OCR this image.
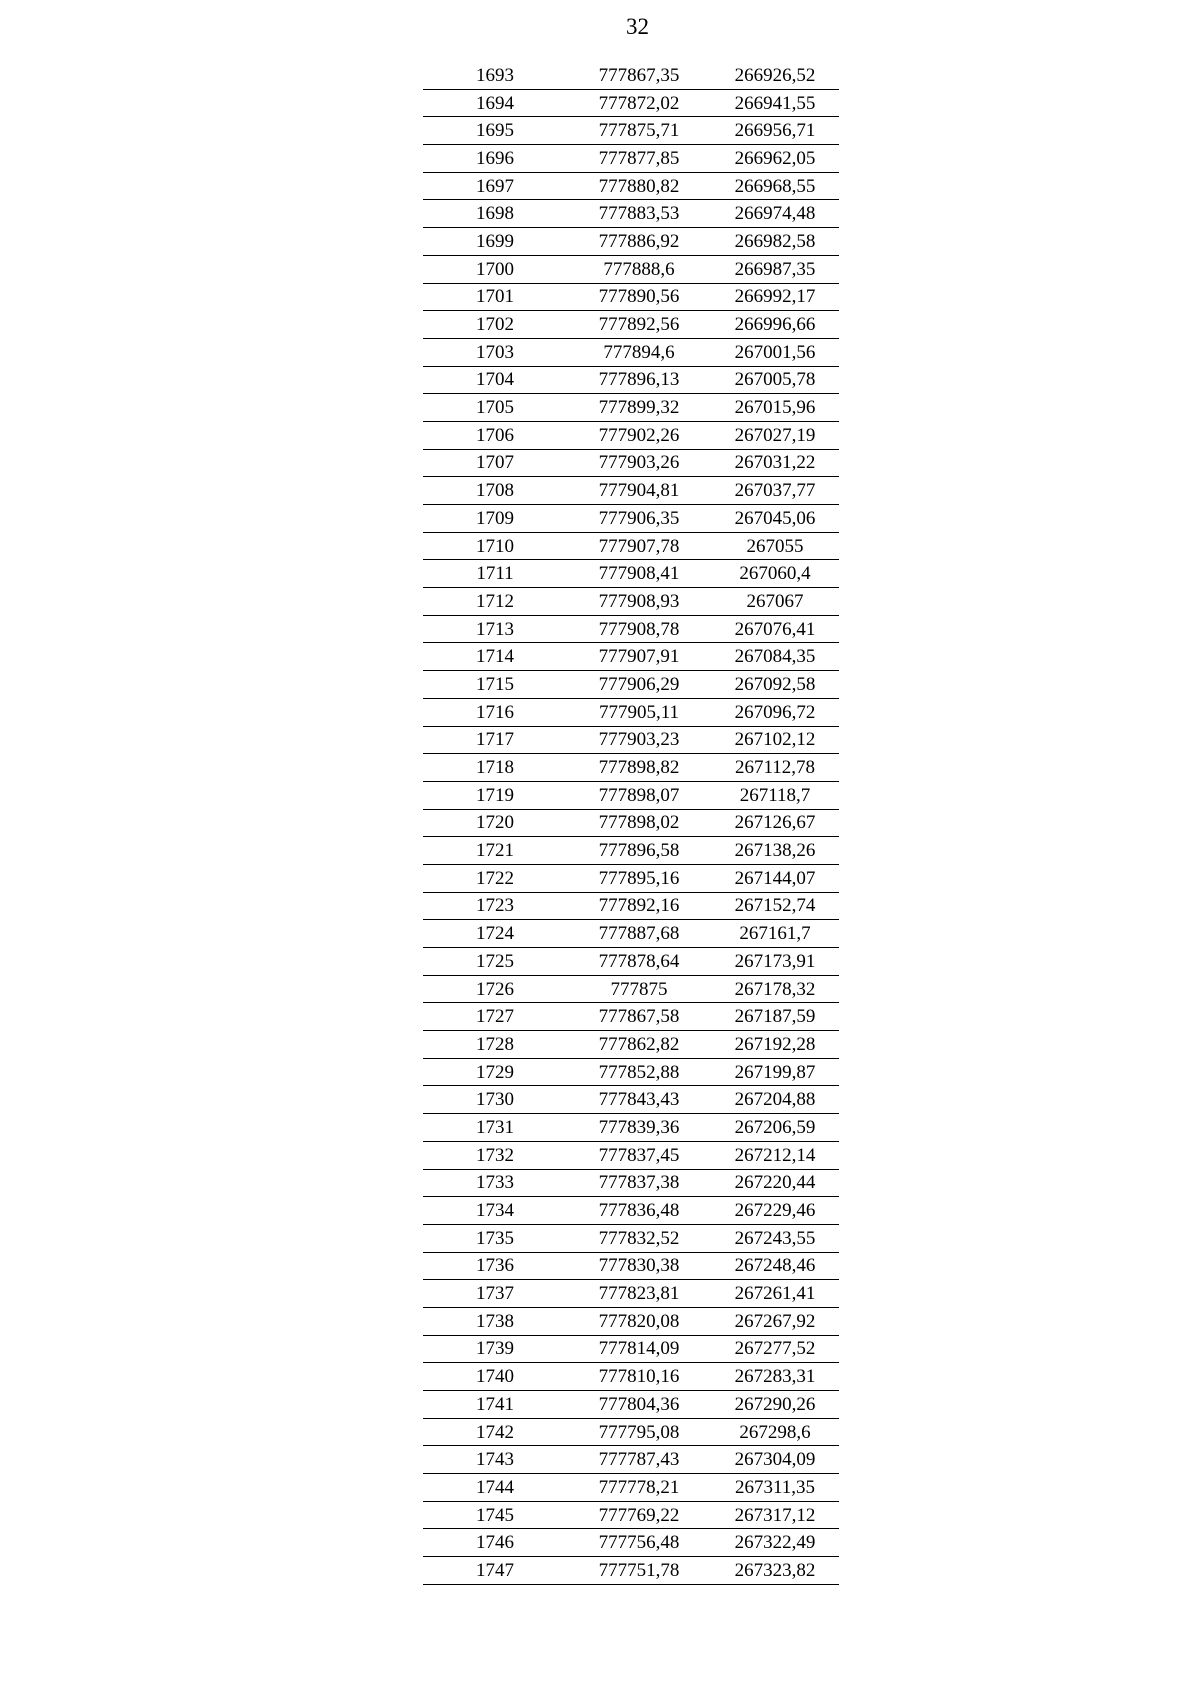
32
1693	777867,35	266926,52
1694	777872,02	266941,55
1695	777875,71	266956,71
1696	777877,85	266962,05
1697	777880,82	266968,55
1698	777883,53	266974,48
1699	777886,92	266982,58
1700	777888,6	266987,35
1701	777890,56	266992,17
1702	777892,56	266996,66
1703	777894,6	267001,56
1704	777896,13	267005,78
1705	777899,32	267015,96
1706	777902,26	267027,19
1707	777903,26	267031,22
1708	777904,81	267037,77
1709	777906,35	267045,06
1710	777907,78	267055
1711	777908,41	267060,4
1712	777908,93	267067
1713	777908,78	267076,41
1714	777907,91	267084,35
1715	777906,29	267092,58
1716	777905,11	267096,72
1717	777903,23	267102,12
1718	777898,82	267112,78
1719	777898,07	267118,7
1720	777898,02	267126,67
1721	777896,58	267138,26
1722	777895,16	267144,07
1723	777892,16	267152,74
1724	777887,68	267161,7
1725	777878,64	267173,91
1726	777875	267178,32
1727	777867,58	267187,59
1728	777862,82	267192,28
1729	777852,88	267199,87
1730	777843,43	267204,88
1731	777839,36	267206,59
1732	777837,45	267212,14
1733	777837,38	267220,44
1734	777836,48	267229,46
1735	777832,52	267243,55
1736	777830,38	267248,46
1737	777823,81	267261,41
1738	777820,08	267267,92
1739	777814,09	267277,52
1740	777810,16	267283,31
1741	777804,36	267290,26
1742	777795,08	267298,6
1743	777787,43	267304,09
1744	777778,21	267311,35
1745	777769,22	267317,12
1746	777756,48	267322,49
1747	777751,78	267323,82
